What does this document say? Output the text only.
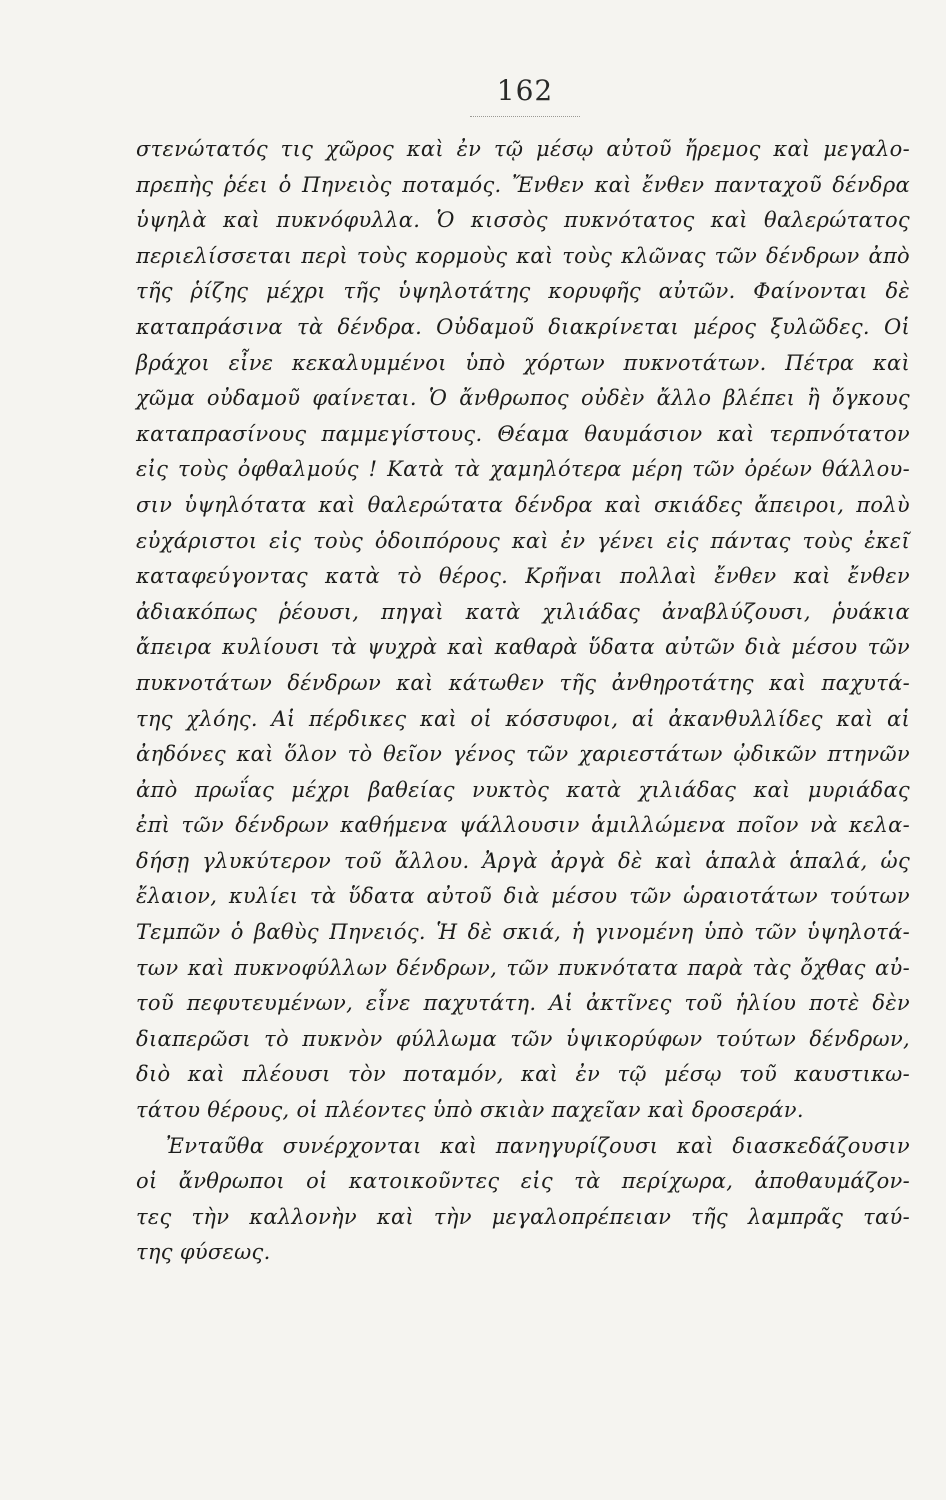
162
στενώτατός τις χῶρος καὶ ἐν τῷ μέσῳ αὐτοῦ ἤρεμος καὶ μεγαλο-
πρεπὴς ῥέει ὁ Πηνειὸς ποταμός. Ἔνθεν καὶ ἔνθεν πανταχοῦ δένδρα
ὑψηλὰ καὶ πυκνόφυλλα. Ὁ κισσὸς πυκνότατος καὶ θαλερώτατος
περιελίσσεται περὶ τοὺς κορμοὺς καὶ τοὺς κλῶνας τῶν δένδρων ἀπὸ
τῆς ῥίζης μέχρι τῆς ὑψηλοτάτης κορυφῆς αὐτῶν. Φαίνονται δὲ
καταπράσινα τὰ δένδρα. Οὐδαμοῦ διακρίνεται μέρος ξυλῶδες. Οἱ
βράχοι εἶνε κεκαλυμμένοι ὑπὸ χόρτων πυκνοτάτων. Πέτρα καὶ
χῶμα οὐδαμοῦ φαίνεται. Ὁ ἄνθρωπος οὐδὲν ἄλλο βλέπει ἢ ὄγκους
καταπρασίνους παμμεγίστους. Θέαμα θαυμάσιον καὶ τερπνότατον
εἰς τοὺς ὀφθαλμούς ! Κατὰ τὰ χαμηλότερα μέρη τῶν ὀρέων θάλλου-
σιν ὑψηλότατα καὶ θαλερώτατα δένδρα καὶ σκιάδες ἄπειροι, πολὺ
εὐχάριστοι εἰς τοὺς ὁδοιπόρους καὶ ἐν γένει εἰς πάντας τοὺς ἐκεῖ
καταφεύγοντας κατὰ τὸ θέρος. Κρῆναι πολλαὶ ἔνθεν καὶ ἔνθεν
ἀδιακόπως ῥέουσι, πηγαὶ κατὰ χιλιάδας ἀναβλύζουσι, ῥυάκια
ἄπειρα κυλίουσι τὰ ψυχρὰ καὶ καθαρὰ ὕδατα αὐτῶν διὰ μέσου τῶν
πυκνοτάτων δένδρων καὶ κάτωθεν τῆς ἀνθηροτάτης καὶ παχυτά-
της χλόης. Αἱ πέρδικες καὶ οἱ κόσσυφοι, αἱ ἀκανθυλλίδες καὶ αἱ
ἀηδόνες καὶ ὅλον τὸ θεῖον γένος τῶν χαριεστάτων ᾠδικῶν πτηνῶν
ἀπὸ πρωΐας μέχρι βαθείας νυκτὸς κατὰ χιλιάδας καὶ μυριάδας
ἐπὶ τῶν δένδρων καθήμενα ψάλλουσιν ἁμιλλώμενα ποῖον νὰ κελα-
δήσῃ γλυκύτερον τοῦ ἄλλου. Ἀργὰ ἀργὰ δὲ καὶ ἁπαλὰ ἁπαλά, ὡς
ἔλαιον, κυλίει τὰ ὕδατα αὐτοῦ διὰ μέσου τῶν ὡραιοτάτων τούτων
Τεμπῶν ὁ βαθὺς Πηνειός. Ἡ δὲ σκιά, ἡ γινομένη ὑπὸ τῶν ὑψηλοτά-
των καὶ πυκνοφύλλων δένδρων, τῶν πυκνότατα παρὰ τὰς ὄχθας αὐ-
τοῦ πεφυτευμένων, εἶνε παχυτάτη. Αἱ ἀκτῖνες τοῦ ἡλίου ποτὲ δὲν
διαπερῶσι τὸ πυκνὸν φύλλωμα τῶν ὑψικορύφων τούτων δένδρων,
διὸ καὶ πλέουσι τὸν ποταμόν, καὶ ἐν τῷ μέσῳ τοῦ καυστικω-
τάτου θέρους, οἱ πλέοντες ὑπὸ σκιὰν παχεῖαν καὶ δροσεράν.
Ἐνταῦθα συνέρχονται καὶ πανηγυρίζουσι καὶ διασκεδάζουσιν
οἱ ἄνθρωποι οἱ κατοικοῦντες εἰς τὰ περίχωρα, ἀποθαυμάζον-
τες τὴν καλλονὴν καὶ τὴν μεγαλοπρέπειαν τῆς λαμπρᾶς ταύ-
της φύσεως.
